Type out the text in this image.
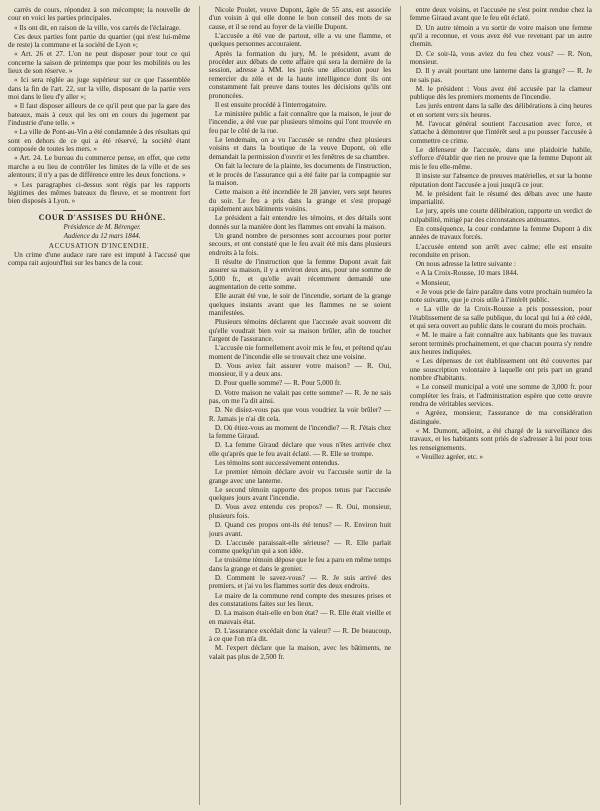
carrés de cours, répondez à son mécompte; la nouvelle de cour en voici les parties principales.

« Ils ont dit, en raison de la ville, vos carrés de l'éclairage.

Ces deux parties font partie du quartier (qui n'est lui-même de reste) la commune et la société de Lyon »;

« Art. 26 et 27. L'on ne peut disposer pour tout ce qui concerne la saison de printemps que pour les mobilités ou les lieux de son réserve. »

« Ici sera réglée au juge supérieur sur ce que l'assemblée dans la fin de l'art. 22, sur la ville, disposant de la partie vers moi dans le lieu d'y aller »;

« Il faut disposer ailleurs de ce qu'il peut que par la gare des bateaux, mais à ceux qui les ont en cours du jugement par l'industrie d'une telle. »

« La ville de Pont-au-Vin a été condamnée à des résultats qui sont en dehors de ce qui a été réservé, la société étant composée de toutes les mers. »

« Art. 24. Le bureau du commerce pense, en effet, que cette marche a eu lieu de contrôler les limites de la ville et de ses alentours; il n'y a pas de différence entre les deux fonctions. »

« Les paragraphes ci-dessus sont régis par les rapports légitimes des mêmes bateaux du fleuve, et se montrent fort bien disposés à Lyon. »

COUR D'ASSISES DU RHÔNE.

Présidence de M. Bérenger.

Audience du 12 mars 1844.

ACCUSATION D'INCENDIE.

Un crime d'une audace rare rare est imputé à l'accusé que compa rait aujourd'hui sur les bancs de la cour.

Nicole Poulet, veuve Dupont, âgée de 55 ans, est associée d'un voisin à qui elle donne le bon conseil des mots de sa cause, et il se rend au foyer de la vieille Dupont.

L'accusée a été vue de partout, elle a vu une flamme, et quelques personnes accouraient.

Après la formation du jury, M. le président, avant de procéder aux débats de cette affaire qui sera la dernière de la session, adresse à MM. les jurés une allocution pour les remercier du zèle et de la haute intelligence dont ils ont constamment fait preuve dans toutes les décisions qu'ils ont prononcées.

Il est ensuite procédé à l'interrogatoire.

Le ministère public a fait connaître que la maison, le jour de l'incendie, a été vue par plusieurs témoins qui l'ont trouvée en feu par le côté de la rue.

Le lendemain, on a vu l'accusée se rendre chez plusieurs voisins et dans la boutique de la veuve Dupont, où elle demandait la permission d'ouvrir et les fenêtres de sa chambre.

On fait la lecture de la plainte, les documents de l'instruction, et le procès de l'assurance qui a été faite par la compagnie sur la maison.

Cette maison a été incendiée le 28 janvier, vers sept heures du soir. Le feu a pris dans la grange et s'est propagé rapidement aux bâtiments voisins.

Le président a fait entendre les témoins, et des détails sont donnés sur la manière dont les flammes ont envahi la maison.

Un grand nombre de personnes sont accourues pour porter secours, et ont constaté que le feu avait été mis dans plusieurs endroits à la fois.

Il résulte de l'instruction que la femme Dupont avait fait assurer sa maison, il y a environ deux ans, pour une somme de 5,000 fr., et qu'elle avait récemment demandé une augmentation de cette somme.

Elle aurait été vue, le soir de l'incendie, sortant de la grange quelques instants avant que les flammes ne se soient manifestées.

Plusieurs témoins déclarent que l'accusée avait souvent dit qu'elle voudrait bien voir sa maison brûler, afin de toucher l'argent de l'assurance.

L'accusée nie formellement avoir mis le feu, et prétend qu'au moment de l'incendie elle se trouvait chez une voisine.

D. Vous aviez fait assurer votre maison? — R. Oui, monsieur, il y a deux ans.

D. Pour quelle somme? — R. Pour 5,000 fr.

D. Votre maison ne valait pas cette somme? — R. Je ne sais pas, on me l'a dit ainsi.

D. Ne disiez-vous pas que vous voudriez la voir brûler? — R. Jamais je n'ai dit cela.

D. Où étiez-vous au moment de l'incendie? — R. J'étais chez la femme Giraud.

D. La femme Giraud déclare que vous n'êtes arrivée chez elle qu'après que le feu avait éclaté. — R. Elle se trompe.

Les témoins sont successivement entendus.

Le premier témoin déclare avoir vu l'accusée sortir de la grange avec une lanterne.

Le second témoin rapporte des propos tenus par l'accusée quelques jours avant l'incendie.

D. Vous avez entendu ces propos? — R. Oui, monsieur, plusieurs fois.

D. Quand ces propos ont-ils été tenus? — R. Environ huit jours avant.

D. L'accusée paraissait-elle sérieuse? — R. Elle parlait comme quelqu'un qui a son idée.

Le troisième témoin dépose que le feu a paru en même temps dans la grange et dans le grenier.

D. Comment le savez-vous? — R. Je suis arrivé des premiers, et j'ai vu les flammes sortir des deux endroits.

Le maire de la commune rend compte des mesures prises et des constatations faites sur les lieux.

D. La maison était-elle en bon état? — R. Elle était vieille et en mauvais état.

D. L'assurance excédait donc la valeur? — R. De beaucoup, à ce que l'on m'a dit.

M. l'expert déclare que la maison, avec les bâtiments, ne valait pas plus de 2,500 fr.

entre deux voisins, et l'accusée ne s'est point rendue chez la femme Giraud avant que le feu eût éclaté.

D. Un autre témoin a vu sortir de votre maison une femme qu'il a reconnue, et vous avez été vue revenant par un autre chemin.

D. Ce soir-là, vous aviez du feu chez vous? — R. Non, monsieur.

D. Il y avait pourtant une lanterne dans la grange? — R. Je ne sais pas.

M. le président : Vous avez été accusée par la clameur publique dès les premiers moments de l'incendie.

Les jurés entrent dans la salle des délibérations à cinq heures et en sortent vers six heures.

M. l'avocat général soutient l'accusation avec force, et s'attache à démontrer que l'intérêt seul a pu pousser l'accusée à commettre ce crime.

Le défenseur de l'accusée, dans une plaidoirie habile, s'efforce d'établir que rien ne prouve que la femme Dupont ait mis le feu elle-même.

Il insiste sur l'absence de preuves matérielles, et sur la bonne réputation dont l'accusée a joui jusqu'à ce jour.

M. le président fait le résumé des débats avec une haute impartialité.

Le jury, après une courte délibération, rapporte un verdict de culpabilité, mitigé par des circonstances atténuantes.

En conséquence, la cour condamne la femme Dupont à dix années de travaux forcés.

L'accusée entend son arrêt avec calme; elle est ensuite reconduite en prison.

On nous adresse la lettre suivante :

« A la Croix-Rousse, 10 mars 1844.

« Monsieur,

« Je vous prie de faire paraître dans votre prochain numéro la note suivante, que je crois utile à l'intérêt public.

« La ville de la Croix-Rousse a pris possession, pour l'établissement de sa salle publique, du local qui lui a été cédé, et qui sera ouvert au public dans le courant du mois prochain.

« M. le maire a fait connaître aux habitants que les travaux seront terminés prochainement, et que chacun pourra s'y rendre aux heures indiquées.

« Les dépenses de cet établissement ont été couvertes par une souscription volontaire à laquelle ont pris part un grand nombre d'habitants.

« Le conseil municipal a voté une somme de 3,000 fr. pour compléter les frais, et l'administration espère que cette œuvre rendra de véritables services.

« Agréez, monsieur, l'assurance de ma considération distinguée.

« M. Dumont, adjoint, a été chargé de la surveillance des travaux, et les habitants sont priés de s'adresser à lui pour tous les renseignements.

« Veuillez agréer, etc. »
